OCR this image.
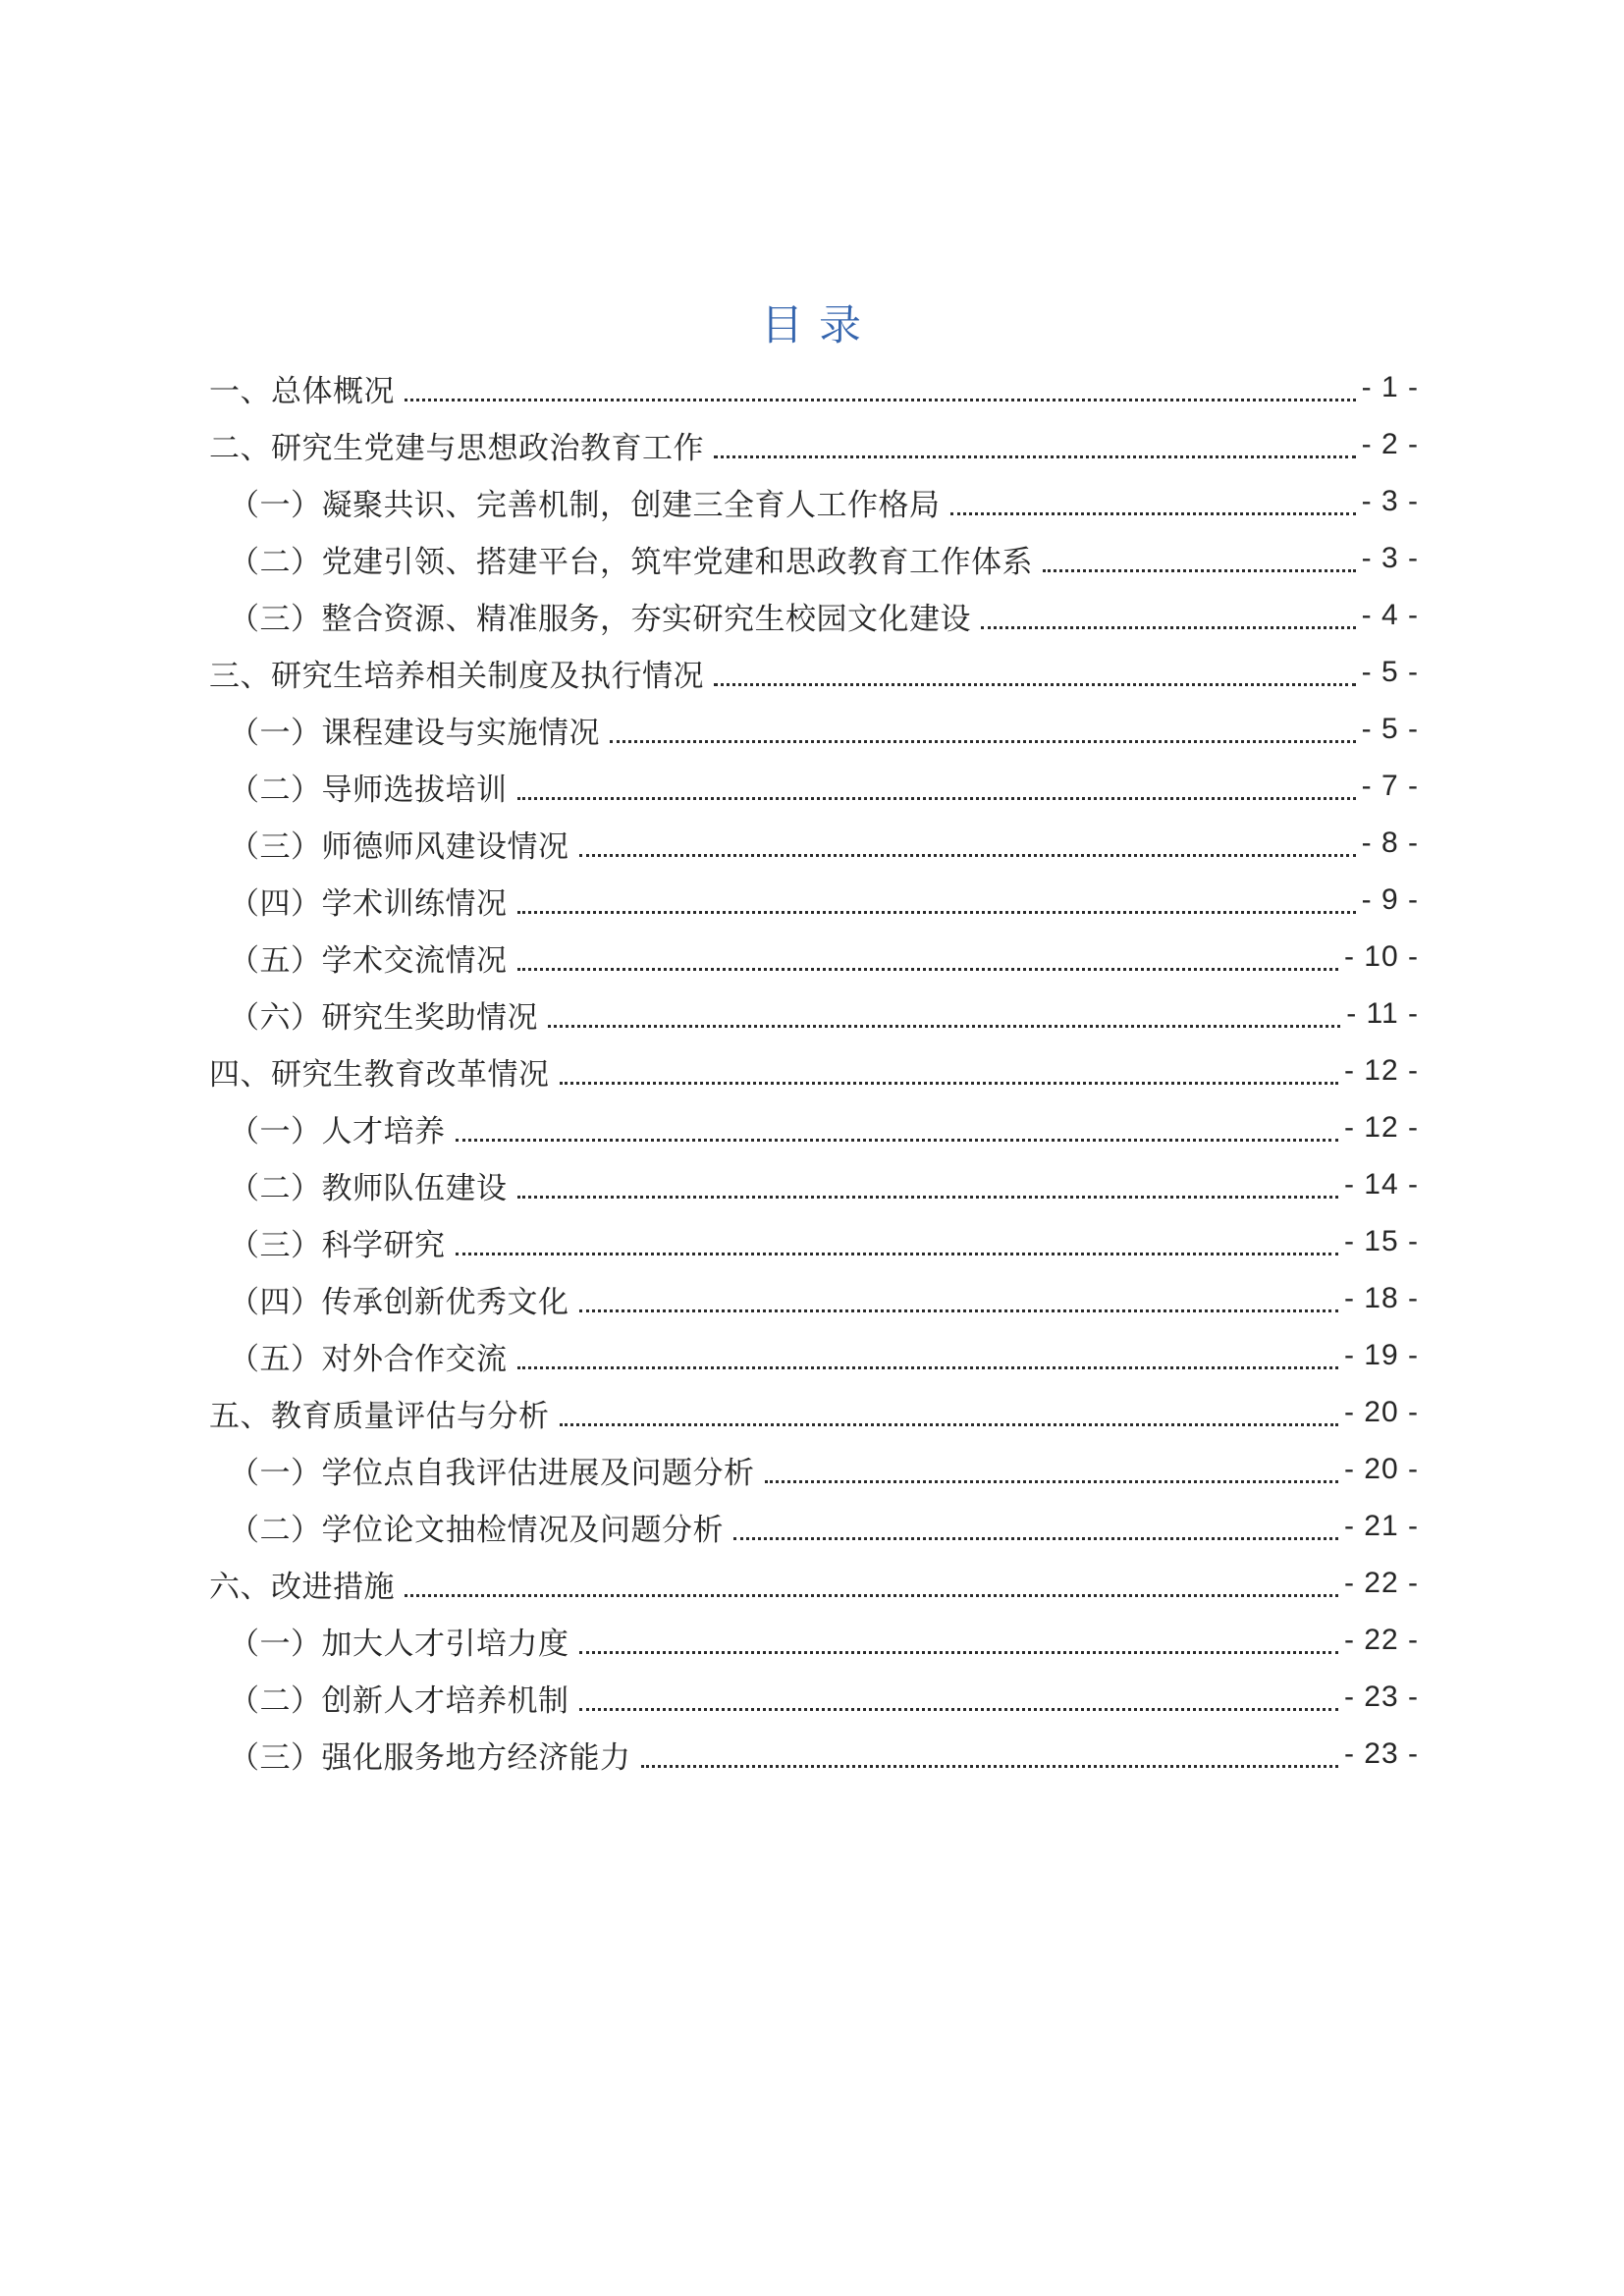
目 录
一、总体概况	- 1 -
二、研究生党建与思想政治教育工作	- 2 -
（一）凝聚共识、完善机制，创建三全育人工作格局	- 3 -
（二）党建引领、搭建平台，筑牢党建和思政教育工作体系	- 3 -
（三）整合资源、精准服务，夯实研究生校园文化建设	- 4 -
三、研究生培养相关制度及执行情况	- 5 -
（一）课程建设与实施情况	- 5 -
（二）导师选拔培训	- 7 -
（三）师德师风建设情况	- 8 -
（四）学术训练情况	- 9 -
（五）学术交流情况	- 10 -
（六）研究生奖助情况	- 11 -
四、研究生教育改革情况	- 12 -
（一）人才培养	- 12 -
（二）教师队伍建设	- 14 -
（三）科学研究	- 15 -
（四）传承创新优秀文化	- 18 -
（五）对外合作交流	- 19 -
五、教育质量评估与分析	- 20 -
（一）学位点自我评估进展及问题分析	- 20 -
（二）学位论文抽检情况及问题分析	- 21 -
六、改进措施	- 22 -
（一）加大人才引培力度	- 22 -
（二）创新人才培养机制	- 23 -
（三）强化服务地方经济能力	- 23 -
